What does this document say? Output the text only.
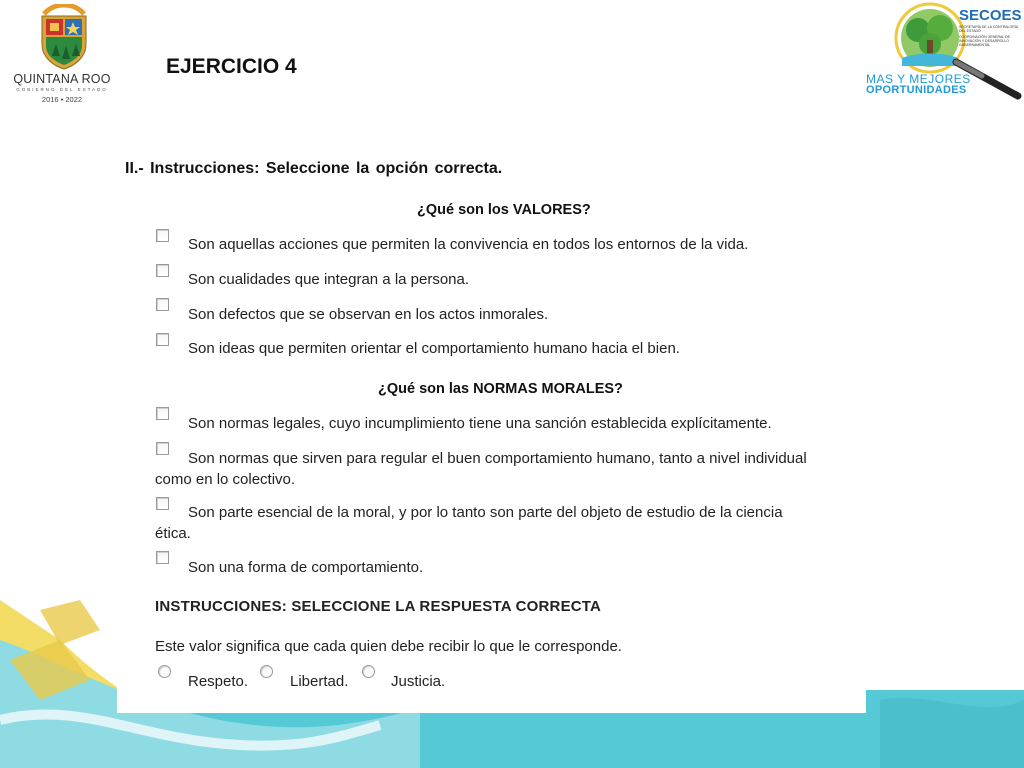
QUINTANA ROO
GOBIERNO DEL ESTADO
2016 • 2022
EJERCICIO 4
SECOES
SECRETARÍA DE LA CONTRALORÍA DEL ESTADO
COORDINACIÓN GENERAL DE INNOVACIÓN Y DESARROLLO GUBERNAMENTAL
MAS Y MEJORES
OPORTUNIDADES
II.- Instrucciones: Seleccione la opción correcta.
¿Qué son los VALORES?
Son aquellas acciones que permiten la convivencia en todos los entornos de la vida.
Son cualidades que integran a la persona.
Son defectos que se observan en los actos inmorales.
Son ideas que permiten orientar el comportamiento humano hacia el bien.
¿Qué son las NORMAS MORALES?
Son normas legales, cuyo incumplimiento tiene una sanción establecida explícitamente.
Son normas que sirven para regular el buen comportamiento humano, tanto a nivel individual
como en lo colectivo.
Son parte esencial de la moral, y por lo tanto son parte del objeto de estudio de la ciencia
ética.
Son una forma de comportamiento.
INSTRUCCIONES: SELECCIONE LA RESPUESTA CORRECTA
Este valor significa que cada quien debe recibir lo que le corresponde.
Respeto.	Libertad.	Justicia.
